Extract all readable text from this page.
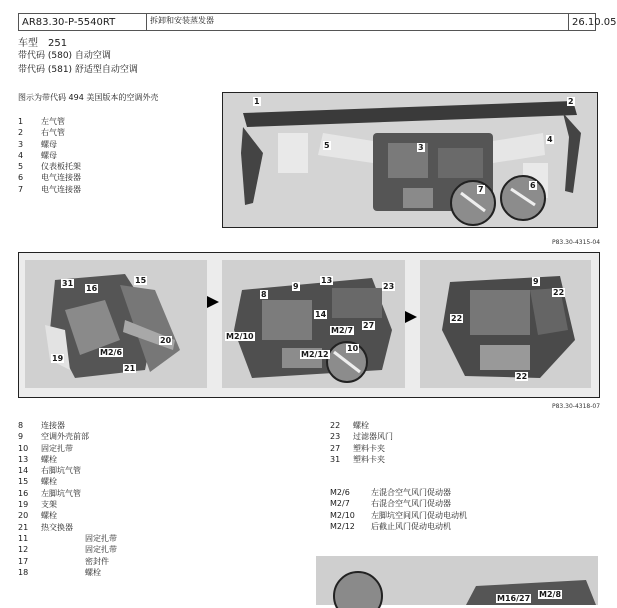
AR83.30-P-5540RT	拆卸和安装蒸发器	26.10.05
车型　251
带代码 (580) 自动空调
带代码 (581) 舒适型自动空调
图示为带代码 494 美国版本的空调外壳
1 左气管
2 右气管
3 螺母
4 螺母
5 仪表板托架
6 电气连接器
7 电气连接器
1	2
3
4
5
6
7
P83.30-4315-04
31
16
15
19
M2/6
20
21
8
9
13
23
M2/10
14
M2/7
27
10
M2/12
9
22
22
22
P83.30-4318-07
8 连接器
9 空调外壳前部
10 固定扎带
13 螺栓
14 右脚坑气管
15 螺栓
16 左脚坑气管
19 支架
20 螺栓
21 热交换器
11	固定扎带
12	固定扎带
17	密封件
18	螺栓
22 螺栓
23 过滤器风门
27 塑料卡夹
31 塑料卡夹
M2/6	左混合空气风门促动器
M2/7	右混合空气风门促动器
M2/10 左脚坑空间风门促动电动机
M2/12 后截止风门促动电动机
M16/27 M2/8
